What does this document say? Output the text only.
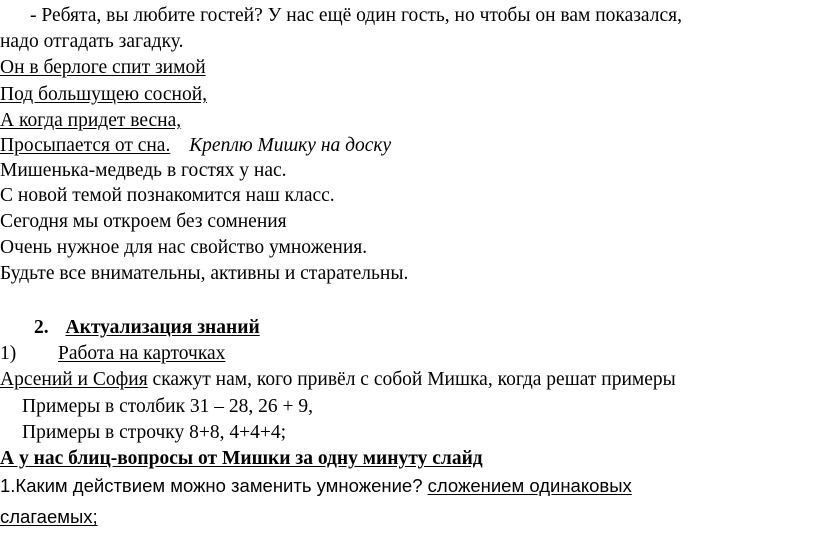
- Ребята, вы любите гостей? У нас ещё один гость, но чтобы он вам показался,
надо отгадать загадку.
Он в берлоге спит зимой
Под большущею сосной,
А когда придет весна,
Просыпается от сна. Креплю Мишку на доску
Мишенька-медведь в гостях у нас.
С новой темой познакомится наш класс.
Сегодня мы откроем без сомнения
Очень нужное для нас свойство умножения.
Будьте все внимательны, активны и старательны.
2. Актуализация знаний
1) Работа на карточках
Арсений и София скажут нам, кого привёл с собой Мишка, когда решат примеры
Примеры в столбик 31 – 28, 26 + 9,
Примеры в строчку 8+8, 4+4+4;
А у нас блиц-вопросы от Мишки за одну минуту слайд
1.Каким действием можно заменить умножение? сложением одинаковых
слагаемых;
